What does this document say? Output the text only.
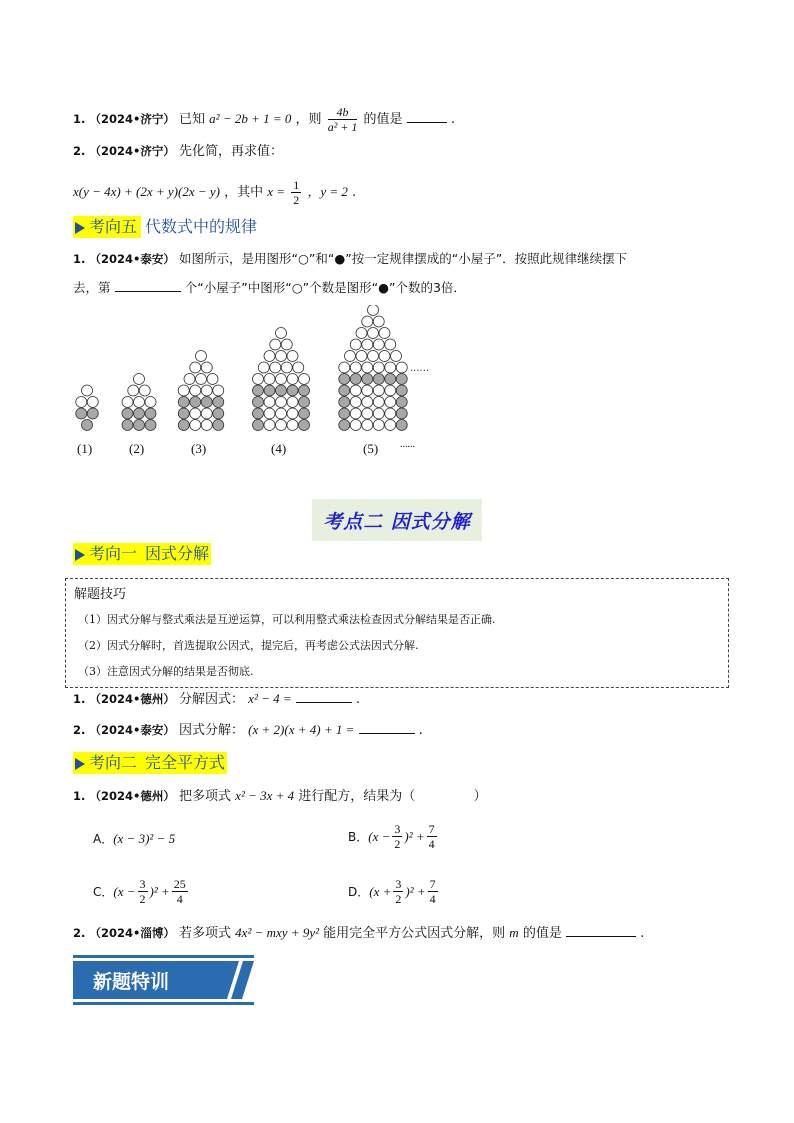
1. （2024•济宁） 已知 a² − 2b + 1 = 0 ，则 $\frac{4b}{\text{a² + 1}}$ 的值是	.
2. （2024•济宁） 先化简，再求值：
x(y − 4x) + (2x + y)(2x − y) ，其中 $x = \frac{1}{2}$ ，y = 2 .
考向五 代数式中的规律
1. （2024•泰安） 如图所示，是用图形“○”和“●”按一定规律摆成的“小屋子”．按照此规律继续摆下
去，第	个“小屋子”中图形“○”个数是图形“●”个数的3倍．
......
(1)	(2)	(3)	(4)	(5) ......
考点二 因式分解
考向一 因式分解
解题技巧
（1）因式分解与整式乘法是互逆运算，可以利用整式乘法检查因式分解结果是否正确.
（2）因式分解时，首选提取公因式，提完后，再考虑公式法因式分解.
（3）注意因式分解的结果是否彻底.
1. （2024•德州） 分解因式： x² − 4 =	.
2. （2024•泰安） 因式分解： (x + 2)(x + 4) + 1 =	.
考向二 完全平方式
1. （2024•德州） 把多项式 x² − 3x + 4 进行配方，结果为（	）
A． (x − 3)² − 5	B． $(x - \frac{3}{2} )^2 + \frac{7}{4}$
C． $(x - \frac{3}{2} )^2 + \frac{25}{4}$	D． $(x + \frac{3}{2} )^2 + \frac{7}{4}$
2. （2024•淄博） 若多项式 4x² − mxy + 9y² 能用完全平方公式因式分解，则 m 的值是	.
新题特训
